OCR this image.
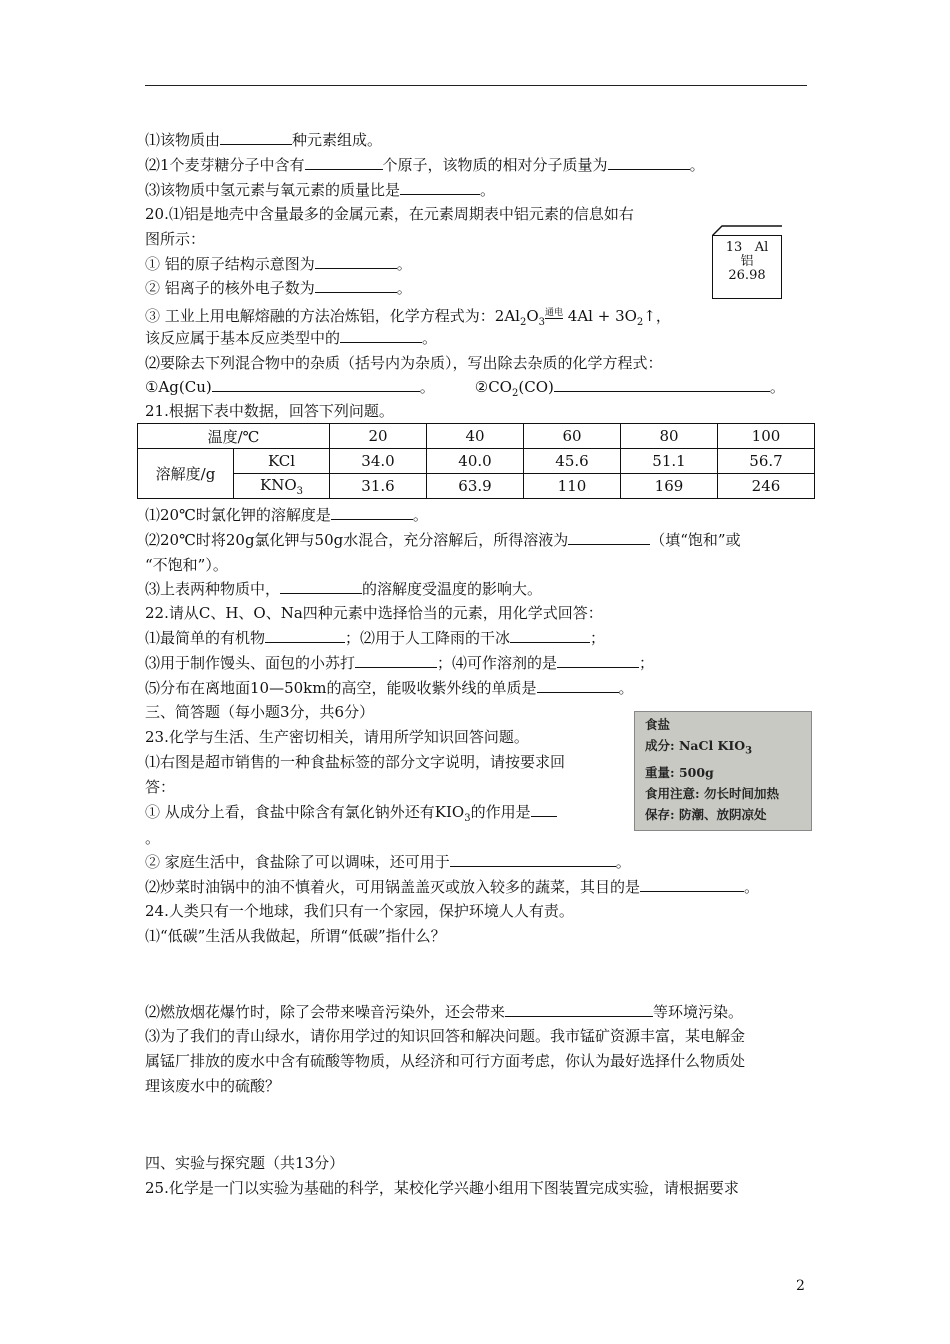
⑴该物质由	种元素组成。
⑵1个麦芽糖分子中含有	个原子，该物质的相对分子质量为	。
⑶该物质中氢元素与氧元素的质量比是	。
20.⑴铝是地壳中含量最多的金属元素，在元素周期表中铝元素的信息如右
图所示：
① 铝的原子结构示意图为	。
② 铝离子的核外电子数为	。
③ 工业上用电解熔融的方法冶炼铝，化学方程式为：$2Al_2O_3^{通电}$ $4Al + 3O_2↑$，
该反应属于基本反应类型中的	。
⑵要除去下列混合物中的杂质（括号内为杂质），写出除去杂质的化学方程式：
①Ag(Cu)	。	$②CO_2(CO)$	。
13 Al
铝
26.98
21.根据下表中数据，回答下列问题。
温度/℃		20	40	60	80	100
溶解度/g	KCl	34.0	40.0	45.6	51.1	56.7
	$KNO_3$	31.6	63.9	110	169	246
⑴20℃时氯化钾的溶解度是	。
⑵20℃时将20g氯化钾与50g水混合，充分溶解后，所得溶液为	（填“饱和”或
“不饱和”）。
⑶上表两种物质中，	的溶解度受温度的影响大。
22.请从C、H、O、Na四种元素中选择恰当的元素，用化学式回答：
⑴最简单的有机物	；⑵用于人工降雨的干冰	；
⑶用于制作馒头、面包的小苏打	；⑷可作溶剂的是	；
⑸分布在离地面10—50km的高空，能吸收紫外线的单质是	。
三、简答题（每小题3分，共6分）
23.化学与生活、生产密切相关，请用所学知识回答问题。
⑴右图是超市销售的一种食盐标签的部分文字说明，请按要求回
答：
① 从成分上看，食盐中除含有氯化钠外还有$KIO_3$的作用是
。
② 家庭生活中，食盐除了可以调味，还可用于	。
⑵炒菜时油锅中的油不慎着火，可用锅盖盖灭或放入较多的蔬菜，其目的是	。
食盐
成分: NaCl $KIO_3$
重量: 500g
食用注意: 勿长时间加热
保存: 防潮、放阴凉处
24.人类只有一个地球，我们只有一个家园，保护环境人人有责。
⑴“低碳”生活从我做起，所谓“低碳”指什么？
⑵燃放烟花爆竹时，除了会带来噪音污染外，还会带来	等环境污染。
⑶为了我们的青山绿水，请你用学过的知识回答和解决问题。我市锰矿资源丰富，某电解金
属锰厂排放的废水中含有硫酸等物质，从经济和可行方面考虑，你认为最好选择什么物质处
理该废水中的硫酸？
四、实验与探究题（共13分）
25.化学是一门以实验为基础的科学，某校化学兴趣小组用下图装置完成实验，请根据要求
2
